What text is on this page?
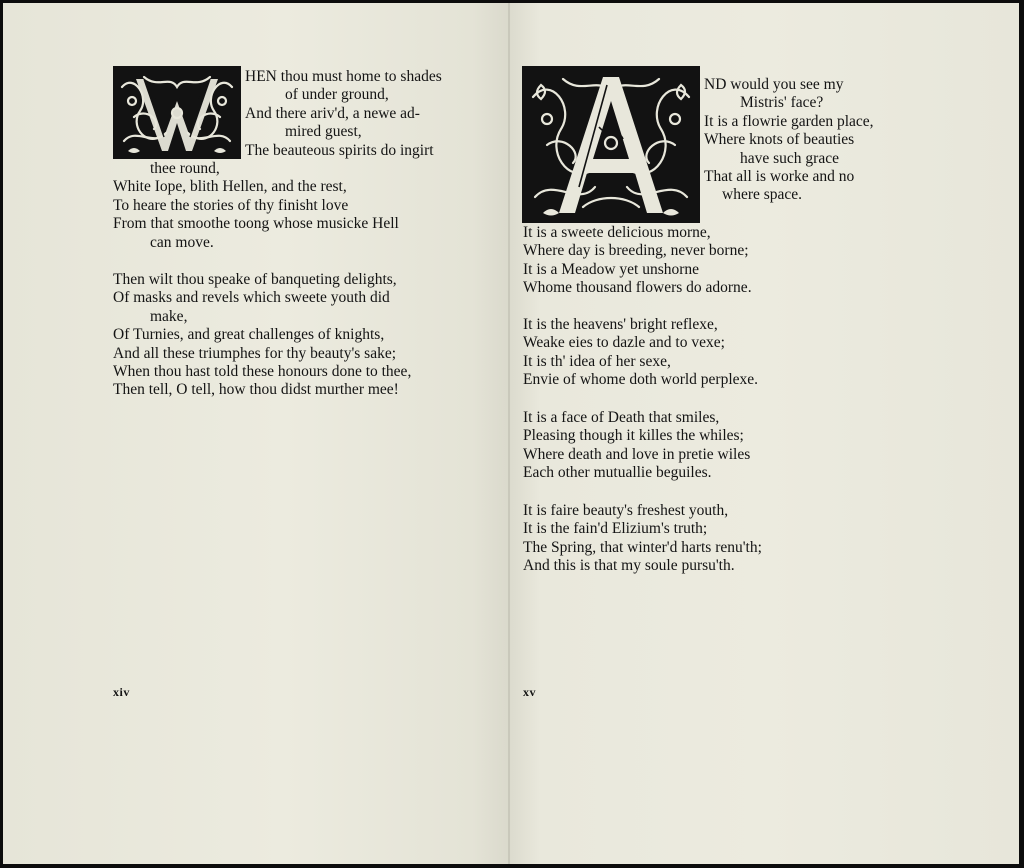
HEN thou must home to shades
of under ground,
And there ariv'd, a newe ad-
mired guest,
The beauteous spirits do ingirt
thee round,
White Iope, blith Hellen, and the rest,
To heare the stories of thy finisht love
From that smoothe toong whose musicke Hell
can move.
Then wilt thou speake of banqueting delights,
Of masks and revels which sweete youth did
make,
Of Turnies, and great challenges of knights,
And all these triumphes for thy beauty's sake;
When thou hast told these honours done to thee,
Then tell, O tell, how thou didst murther mee!
xiv
ND would you see my
Mistris' face?
It is a flowrie garden place,
Where knots of beauties
have such grace
That all is worke and no
where space.
It is a sweete delicious morne,
Where day is breeding, never borne;
It is a Meadow yet unshorne
Whome thousand flowers do adorne.
It is the heavens' bright reflexe,
Weake eies to dazle and to vexe;
It is th' idea of her sexe,
Envie of whome doth world perplexe.
It is a face of Death that smiles,
Pleasing though it killes the whiles;
Where death and love in pretie wiles
Each other mutuallie beguiles.
It is faire beauty's freshest youth,
It is the fain'd Elizium's truth;
The Spring, that winter'd harts renu'th;
And this is that my soule pursu'th.
xv
